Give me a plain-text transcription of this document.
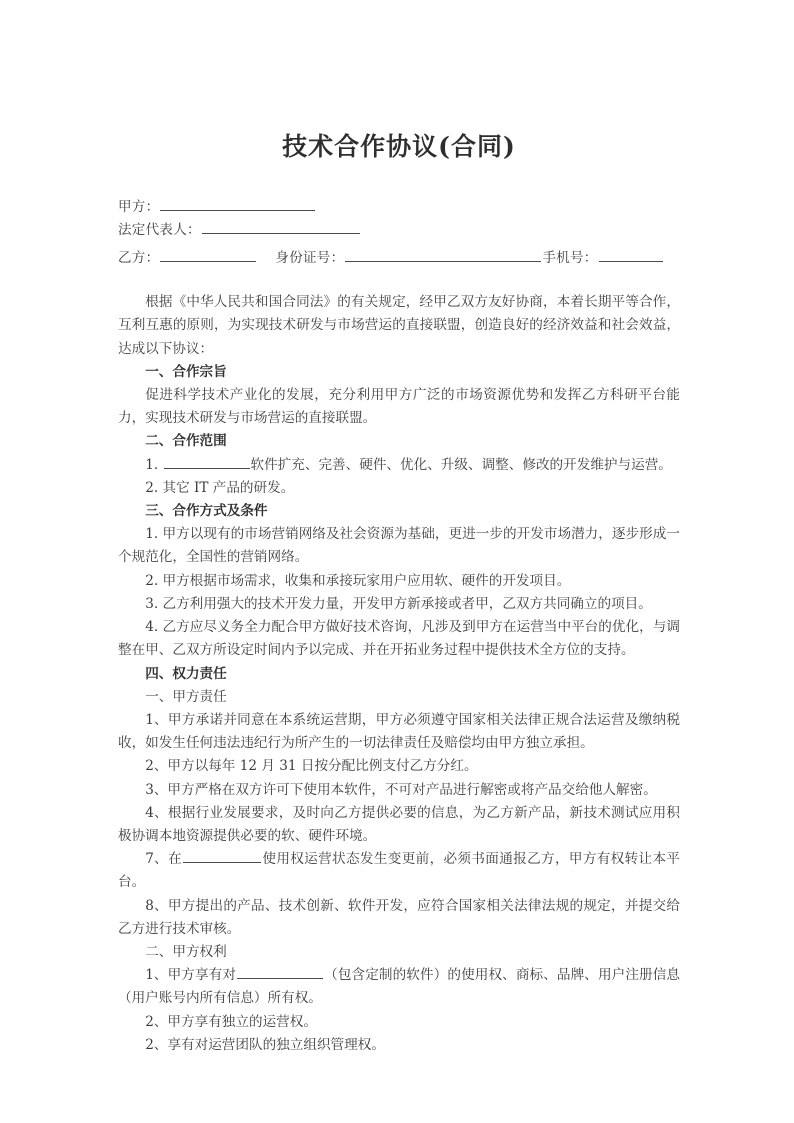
技术合作协议(合同)
甲方：
法定代表人：
乙方：	身份证号：	手机号：

根据《中华人民共和国合同法》的有关规定，经甲乙双方友好协商，本着长期平等合作，互利互惠的原则，为实现技术研发与市场营运的直接联盟，创造良好的经济效益和社会效益，达成以下协议：

一、合作宗旨

促进科学技术产业化的发展，充分利用甲方广泛的市场资源优势和发挥乙方科研平台能力，实现技术研发与市场营运的直接联盟。

二、合作范围

1.	软件扩充、完善、硬件、优化、升级、调整、修改的开发维护与运营。

2. 其它 IT 产品的研发。

三、合作方式及条件

1. 甲方以现有的市场营销网络及社会资源为基础，更进一步的开发市场潜力，逐步形成一个规范化，全国性的营销网络。

2. 甲方根据市场需求，收集和承接玩家用户应用软、硬件的开发项目。

3. 乙方利用强大的技术开发力量，开发甲方新承接或者甲，乙双方共同确立的项目。

4. 乙方应尽义务全力配合甲方做好技术咨询，凡涉及到甲方在运营当中平台的优化，与调整在甲、乙双方所设定时间内予以完成、并在开拓业务过程中提供技术全方位的支持。

四、权力责任

一、甲方责任

1、甲方承诺并同意在本系统运营期，甲方必须遵守国家相关法律正规合法运营及缴纳税收，如发生任何违法违纪行为所产生的一切法律责任及赔偿均由甲方独立承担。

2、甲方以每年 12 月 31 日按分配比例支付乙方分红。

3、甲方严格在双方许可下使用本软件，不可对产品进行解密或将产品交给他人解密。

4、根据行业发展要求，及时向乙方提供必要的信息，为乙方新产品，新技术测试应用积极协调本地资源提供必要的软、硬件环境。

7、在	使用权运营状态发生变更前，必须书面通报乙方，甲方有权转让本平台。

8、甲方提出的产品、技术创新、软件开发，应符合国家相关法律法规的规定，并提交给乙方进行技术审核。

二、甲方权利

1、甲方享有对	（包含定制的软件）的使用权、商标、品牌、用户注册信息（用户账号内所有信息）所有权。

2、甲方享有独立的运营权。

2、享有对运营团队的独立组织管理权。
